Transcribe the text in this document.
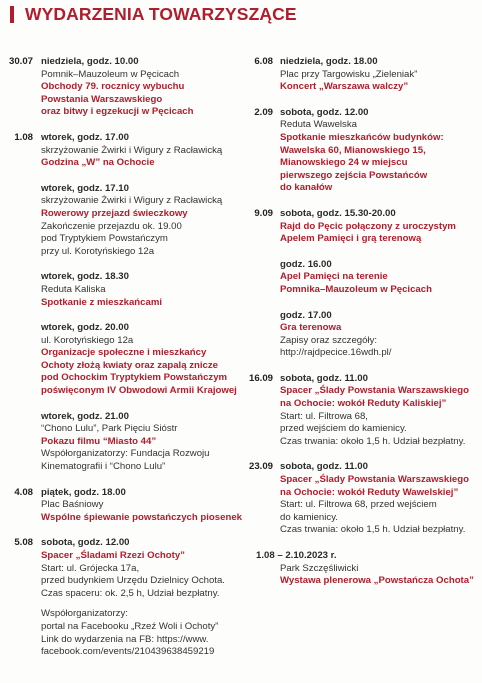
WYDARZENIA TOWARZYSZĄCE
30.07 niedziela, godz. 10.00
Pomnik–Mauzoleum w Pęcicach
Obchody 79. rocznicy wybuchu
Powstania Warszawskiego
oraz bitwy i egzekucji w Pęcicach
1.08 wtorek, godz. 17.00
skrzyżowanie Żwirki i Wigury z Racławicką
Godzina „W” na Ochocie
wtorek, godz. 17.10
skrzyżowanie Żwirki i Wigury z Racławicką
Rowerowy przejazd świeczkowy
Zakończenie przejazdu ok. 19.00
pod Tryptykiem Powstańczym
przy ul. Korotyńskiego 12a
wtorek, godz. 18.30
Reduta Kaliska
Spotkanie z mieszkańcami
wtorek, godz. 20.00
ul. Korotyńskiego 12a
Organizacje społeczne i mieszkańcy
Ochoty złożą kwiaty oraz zapalą znicze
pod Ochockim Tryptykiem Powstańczym
poświęconym IV Obwodowi Armii Krajowej
wtorek, godz. 21.00
“Chono Lulu”, Park Pięciu Sióstr
Pokazu filmu “Miasto 44”
Współorganizatorzy: Fundacja Rozwoju
Kinematografii i “Chono Lulu”
4.08 piątek, godz. 18.00
Plac Baśniowy
Wspólne śpiewanie powstańczych piosenek
5.08 sobota, godz. 12.00
Spacer „Śladami Rzezi Ochoty”
Start: ul. Grójecka 17a,
przed budynkiem Urzędu Dzielnicy Ochota.
Czas spaceru: ok. 2,5 h, Udział bezpłatny.
Współorganizatorzy:
portal na Facebooku „Rzeź Woli i Ochoty”
Link do wydarzenia na FB: https://www.
facebook.com/events/210439638459219
6.08 niedziela, godz. 18.00
Plac przy Targowisku „Zieleniak”
Koncert „Warszawa walczy”
2.09 sobota, godz. 12.00
Reduta Wawelska
Spotkanie mieszkańców budynków:
Wawelska 60, Mianowskiego 15,
Mianowskiego 24 w miejscu
pierwszego zejścia Powstańców
do kanałów
9.09 sobota, godz. 15.30-20.00
Rajd do Pęcic połączony z uroczystym
Apelem Pamięci i grą terenową
godz. 16.00
Apel Pamięci na terenie
Pomnika–Mauzoleum w Pęcicach
godz. 17.00
Gra terenowa
Zapisy oraz szczegóły:
http://rajdpecice.16wdh.pl/
16.09 sobota, godz. 11.00
Spacer „Ślady Powstania Warszawskiego
na Ochocie: wokół Reduty Kaliskiej”
Start: ul. Filtrowa 68,
przed wejściem do kamienicy.
Czas trwania: około 1,5 h. Udział bezpłatny.
23.09 sobota, godz. 11.00
Spacer „Ślady Powstania Warszawskiego
na Ochocie: wokół Reduty Wawelskiej”
Start: ul. Filtrowa 68, przed wejściem
do kamienicy.
Czas trwania: około 1,5 h. Udział bezpłatny.
1.08 – 2.10.2023 r.
Park Szczęśliwicki
Wystawa plenerowa „Powstańcza Ochota”
